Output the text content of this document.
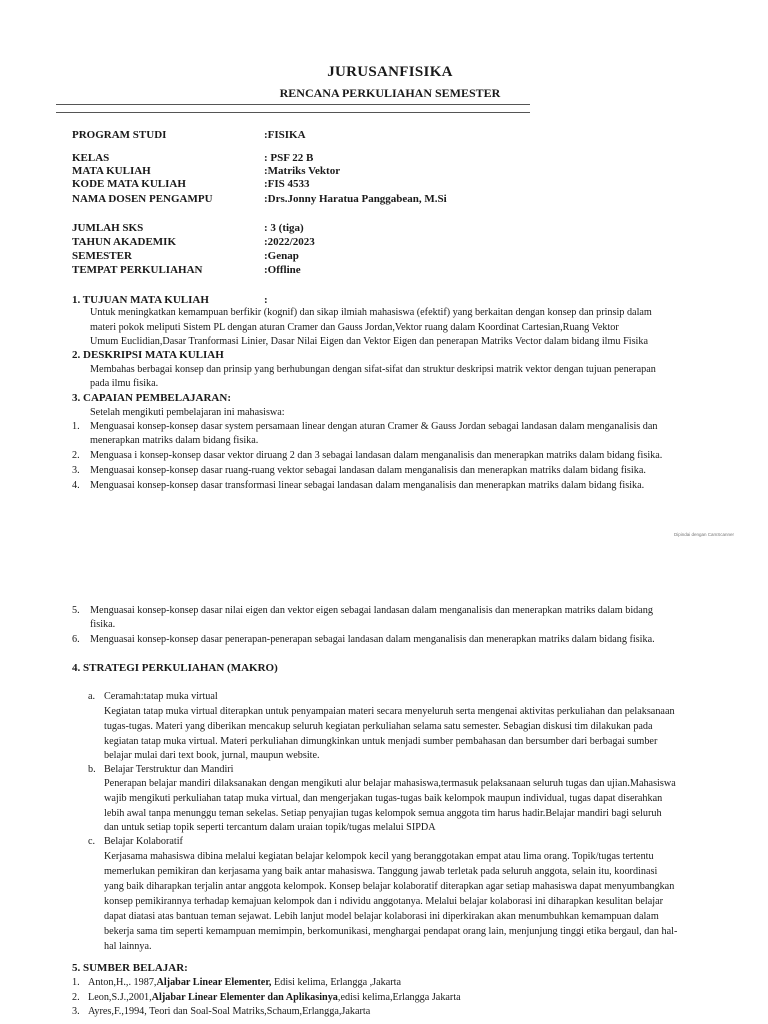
JURUSANFISIKA
RENCANA PERKULIAHAN SEMESTER
PROGRAM STUDI	:FISIKA
KELAS	: PSF 22 B
MATA KULIAH	:Matriks Vektor
KODE MATA KULIAH	:FIS 4533
NAMA DOSEN PENGAMPU	:Drs.Jonny Haratua Panggabean, M.Si
JUMLAH SKS	: 3 (tiga)
TAHUN AKADEMIK	:2022/2023
SEMESTER	:Genap
TEMPAT PERKULIAHAN	:Offline
1. TUJUAN MATA KULIAH	:
Untuk meningkatkan kemampuan berfikir (kognif) dan sikap ilmiah mahasiswa (efektif) yang berkaitan dengan konsep dan prinsip dalam
materi pokok meliputi Sistem PL dengan aturan Cramer dan Gauss Jordan,Vektor ruang dalam Koordinat Cartesian,Ruang Vektor
Umum Euclidian,Dasar Tranformasi Linier, Dasar Nilai Eigen dan Vektor Eigen dan penerapan Matriks Vector dalam bidang ilmu Fisika
2. DESKRIPSI MATA KULIAH
Membahas berbagai konsep dan prinsip yang berhubungan dengan sifat-sifat dan struktur deskripsi matrik vektor dengan tujuan penerapan
pada ilmu fisika.
3. CAPAIAN PEMBELAJARAN:
Setelah mengikuti pembelajaran ini mahasiswa:
1. Menguasai konsep-konsep dasar system persamaan linear dengan aturan Cramer & Gauss Jordan sebagai landasan dalam menganalisis dan
menerapkan matriks dalam bidang fisika.
2. Menguasa i konsep-konsep dasar vektor diruang 2 dan 3 sebagai landasan dalam menganalisis dan menerapkan matriks dalam bidang fisika.
3. Menguasai konsep-konsep dasar ruang-ruang vektor sebagai landasan dalam menganalisis dan menerapkan matriks dalam bidang fisika.
4. Menguasai konsep-konsep dasar transformasi linear sebagai landasan dalam menganalisis dan menerapkan matriks dalam bidang fisika.
Dipindai dengan CamScanner
5. Menguasai konsep-konsep dasar nilai eigen dan vektor eigen sebagai landasan dalam menganalisis dan menerapkan matriks dalam bidang
fisika.
6. Menguasai konsep-konsep dasar penerapan-penerapan sebagai landasan dalam menganalisis dan menerapkan matriks dalam bidang fisika.
4. STRATEGI PERKULIAHAN (MAKRO)
a. Ceramah:tatap muka virtual
Kegiatan tatap muka virtual diterapkan untuk penyampaian materi secara menyeluruh serta mengenai aktivitas perkuliahan dan pelaksanaan
tugas-tugas. Materi yang diberikan mencakup seluruh kegiatan perkuliahan selama satu semester. Sebagian diskusi tim dilakukan pada
kegiatan tatap muka virtual. Materi perkuliahan dimungkinkan untuk menjadi sumber pembahasan dan bersumber dari berbagai sumber
belajar mulai dari text book, jurnal, maupun website.
b. Belajar Terstruktur dan Mandiri
Penerapan belajar mandiri dilaksanakan dengan mengikuti alur belajar mahasiswa,termasuk pelaksanaan seluruh tugas dan ujian.Mahasiswa
wajib mengikuti perkuliahan tatap muka virtual, dan mengerjakan tugas-tugas baik kelompok maupun individual, tugas dapat diserahkan
lebih awal tanpa menunggu teman sekelas. Setiap penyajian tugas kelompok semua anggota tim harus hadir.Belajar mandiri bagi seluruh
dan untuk setiap topik seperti tercantum dalam uraian topik/tugas melalui SIPDA
c. Belajar Kolaboratif
Kerjasama mahasiswa dibina melalui kegiatan belajar kelompok kecil yang beranggotakan empat atau lima orang. Topik/tugas tertentu
memerlukan pemikiran dan kerjasama yang baik antar mahasiswa. Tanggung jawab terletak pada seluruh anggota, selain itu, koordinasi
yang baik diharapkan terjalin antar anggota kelompok. Konsep belajar kolaboratif diterapkan agar setiap mahasiswa dapat menyumbangkan
konsep pemikirannya terhadap kemajuan kelompok dan i ndividu anggotanya. Melalui belajar kolaborasi ini diharapkan kesulitan belajar
dapat diatasi atas bantuan teman sejawat. Lebih lanjut model belajar kolaborasi ini diperkirakan akan menumbuhkan kemampuan dalam
bekerja sama tim seperti kemampuan memimpin, berkomunikasi, menghargai pendapat orang lain, menjunjung tinggi etika bergaul, dan hal-
hal lainnya.
5. SUMBER BELAJAR:
1. Anton,H.,. 1987,Aljabar Linear Elementer, Edisi kelima, Erlangga ,Jakarta
2. Leon,S.J.,2001,Aljabar Linear Elementer dan Aplikasinya,edisi kelima,Erlangga Jakarta
3. Ayres,F.,1994, Teori dan Soal-Soal Matriks,Schaum,Erlangga,Jakarta
